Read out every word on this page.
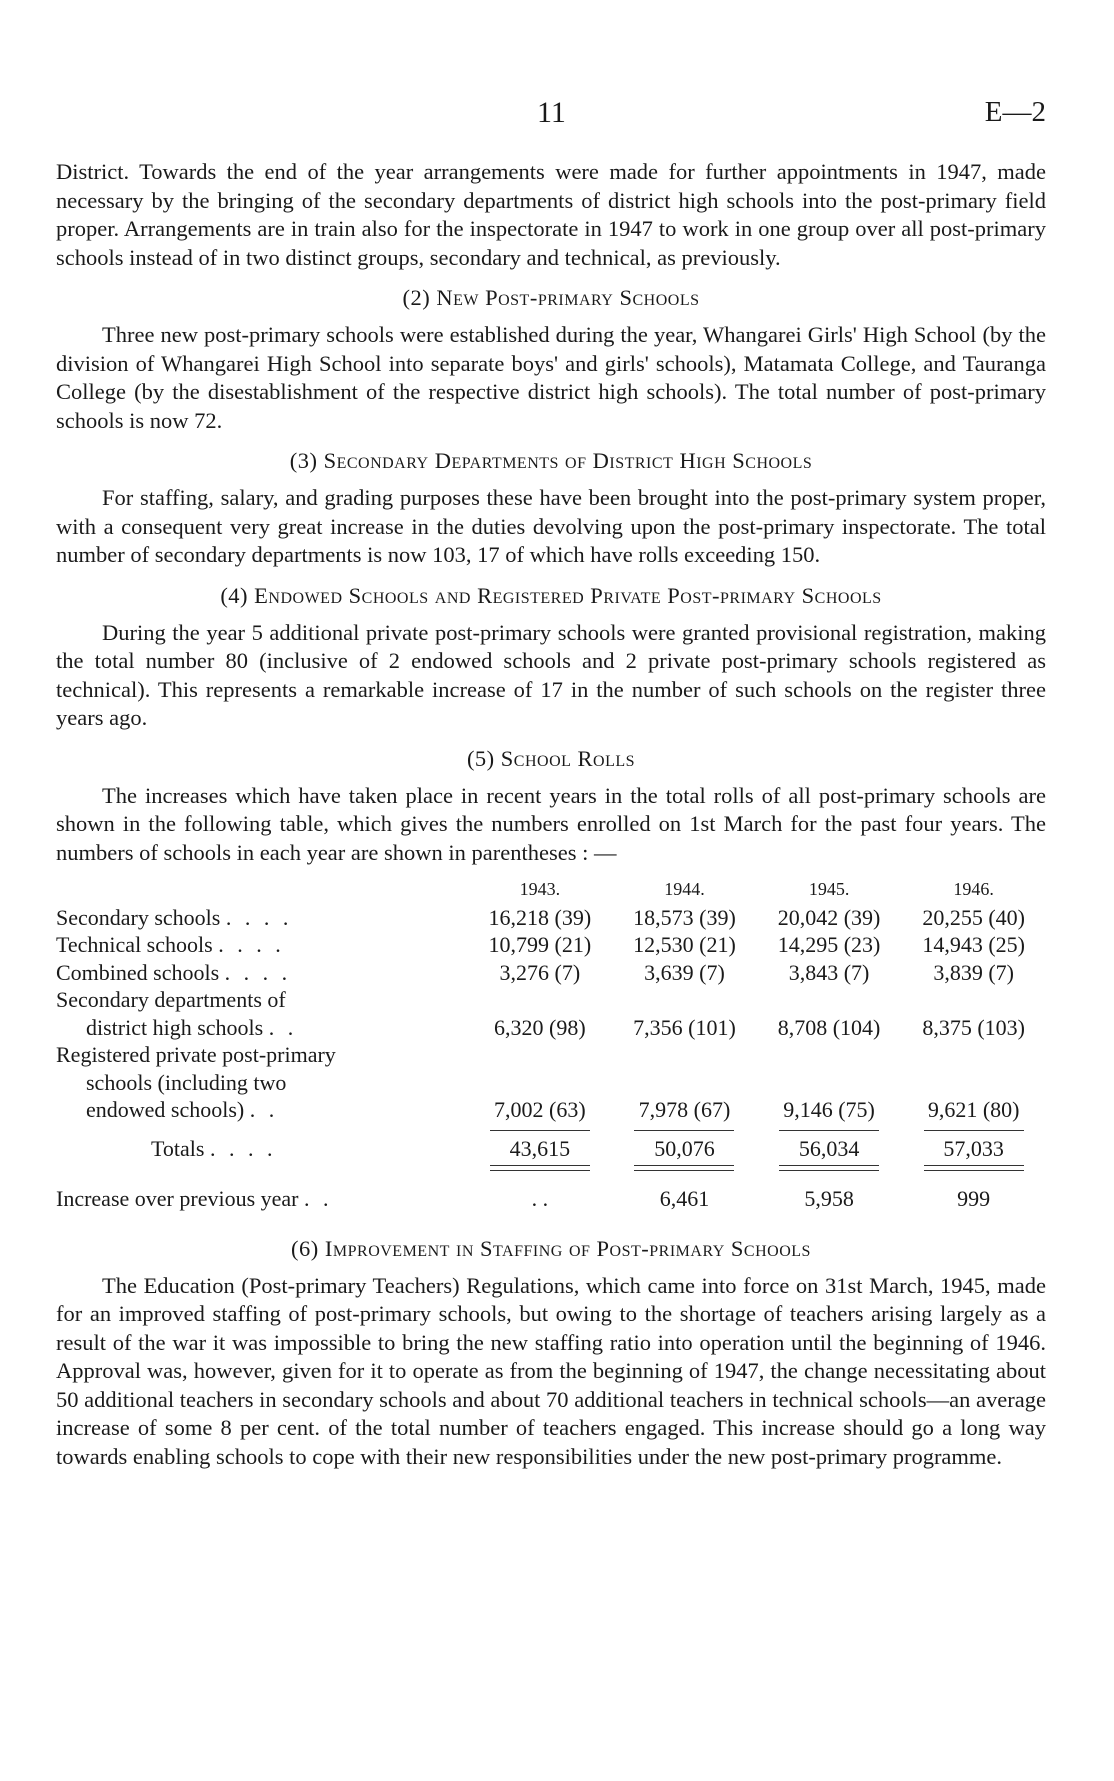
11	E—2

District. Towards the end of the year arrangements were made for further appointments in 1947, made necessary by the bringing of the secondary departments of district high schools into the post-primary field proper. Arrangements are in train also for the inspectorate in 1947 to work in one group over all post-primary schools instead of in two distinct groups, secondary and technical, as previously.

(2) New Post-primary Schools

Three new post-primary schools were established during the year, Whangarei Girls' High School (by the division of Whangarei High School into separate boys' and girls' schools), Matamata College, and Tauranga College (by the disestablishment of the respective district high schools). The total number of post-primary schools is now 72.

(3) Secondary Departments of District High Schools

For staffing, salary, and grading purposes these have been brought into the post-primary system proper, with a consequent very great increase in the duties devolving upon the post-primary inspectorate. The total number of secondary departments is now 103, 17 of which have rolls exceeding 150.

(4) Endowed Schools and Registered Private Post-primary Schools

During the year 5 additional private post-primary schools were granted provisional registration, making the total number 80 (inclusive of 2 endowed schools and 2 private post-primary schools registered as technical). This represents a remarkable increase of 17 in the number of such schools on the register three years ago.

(5) School Rolls

The increases which have taken place in recent years in the total rolls of all post-primary schools are shown in the following table, which gives the numbers enrolled on 1st March for the past four years. The numbers of schools in each year are shown in parentheses : —

	1943.	1944.	1945.	1946.
Secondary schools . . . .	16,218 (39)	18,573 (39)	20,042 (39)	20,255 (40)
Technical schools . . . .	10,799 (21)	12,530 (21)	14,295 (23)	14,943 (25)
Combined schools . . . .	3,276 (7)	3,639 (7)	3,843 (7)	3,839 (7)
Secondary departments of				
district high schools . .	6,320 (98)	7,356 (101)	8,708 (104)	8,375 (103)
Registered private post-primary				
schools (including two				
endowed schools) . .	7,002 (63)	7,978 (67)	9,146 (75)	9,621 (80)

Totals . . . .	43,615	50,076	56,034	57,033

Increase over previous year . .	. .	6,461	5,958	999
(6) Improvement in Staffing of Post-primary Schools

The Education (Post-primary Teachers) Regulations, which came into force on 31st March, 1945, made for an improved staffing of post-primary schools, but owing to the shortage of teachers arising largely as a result of the war it was impossible to bring the new staffing ratio into operation until the beginning of 1946. Approval was, however, given for it to operate as from the beginning of 1947, the change necessitating about 50 additional teachers in secondary schools and about 70 additional teachers in technical schools—an average increase of some 8 per cent. of the total number of teachers engaged. This increase should go a long way towards enabling schools to cope with their new responsibilities under the new post-primary programme.
